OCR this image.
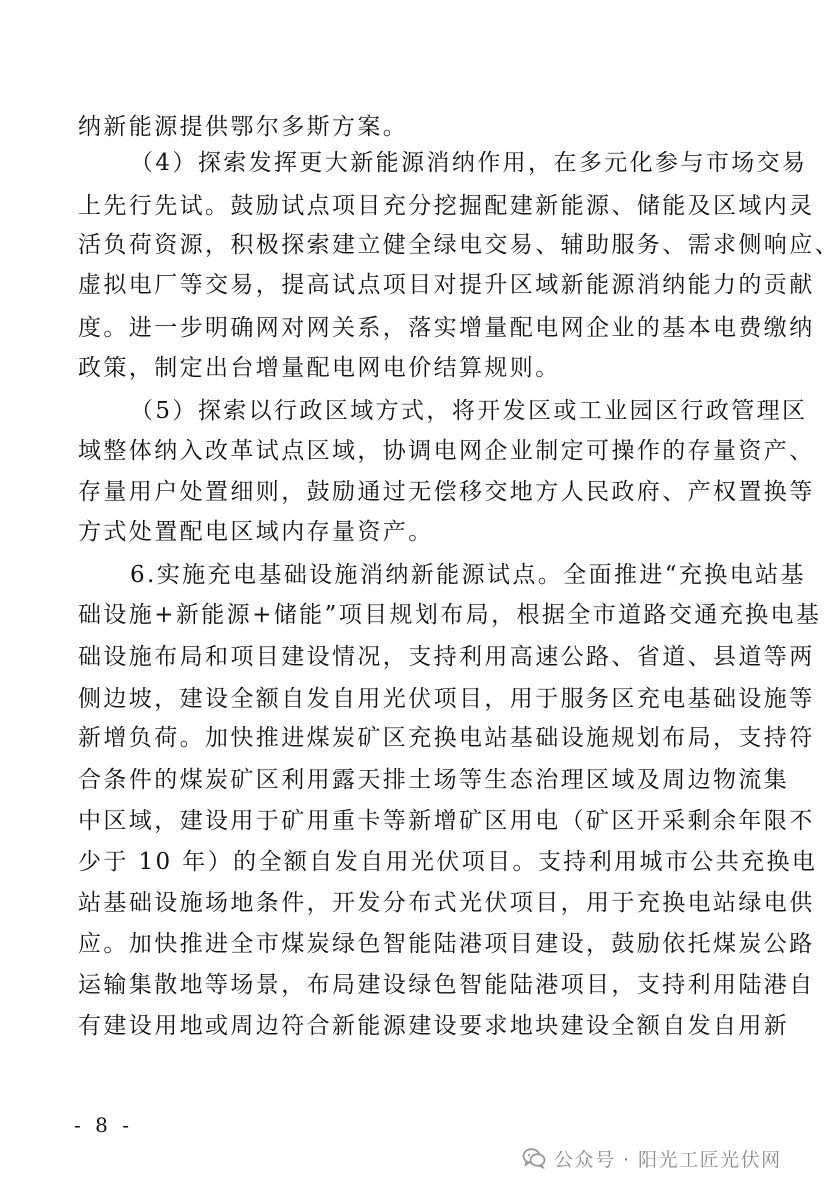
纳新能源提供鄂尔多斯方案。
（4）探索发挥更大新能源消纳作用，在多元化参与市场交易
上先行先试。鼓励试点项目充分挖掘配建新能源、储能及区域内灵
活负荷资源，积极探索建立健全绿电交易、辅助服务、需求侧响应、
虚拟电厂等交易，提高试点项目对提升区域新能源消纳能力的贡献
度。进一步明确网对网关系，落实增量配电网企业的基本电费缴纳
政策，制定出台增量配电网电价结算规则。
（5）探索以行政区域方式，将开发区或工业园区行政管理区
域整体纳入改革试点区域，协调电网企业制定可操作的存量资产、
存量用户处置细则，鼓励通过无偿移交地方人民政府、产权置换等
方式处置配电区域内存量资产。
6.实施充电基础设施消纳新能源试点。全面推进“充换电站基
础设施+新能源+储能”项目规划布局，根据全市道路交通充换电基
础设施布局和项目建设情况，支持利用高速公路、省道、县道等两
侧边坡，建设全额自发自用光伏项目，用于服务区充电基础设施等
新增负荷。加快推进煤炭矿区充换电站基础设施规划布局，支持符
合条件的煤炭矿区利用露天排土场等生态治理区域及周边物流集
中区域，建设用于矿用重卡等新增矿区用电（矿区开采剩余年限不
少于 10 年）的全额自发自用光伏项目。支持利用城市公共充换电
站基础设施场地条件，开发分布式光伏项目，用于充换电站绿电供
应。加快推进全市煤炭绿色智能陆港项目建设，鼓励依托煤炭公路
运输集散地等场景，布局建设绿色智能陆港项目，支持利用陆港自
有建设用地或周边符合新能源建设要求地块建设全额自发自用新
- 8 -
公众号 · 阳光工匠光伏网
